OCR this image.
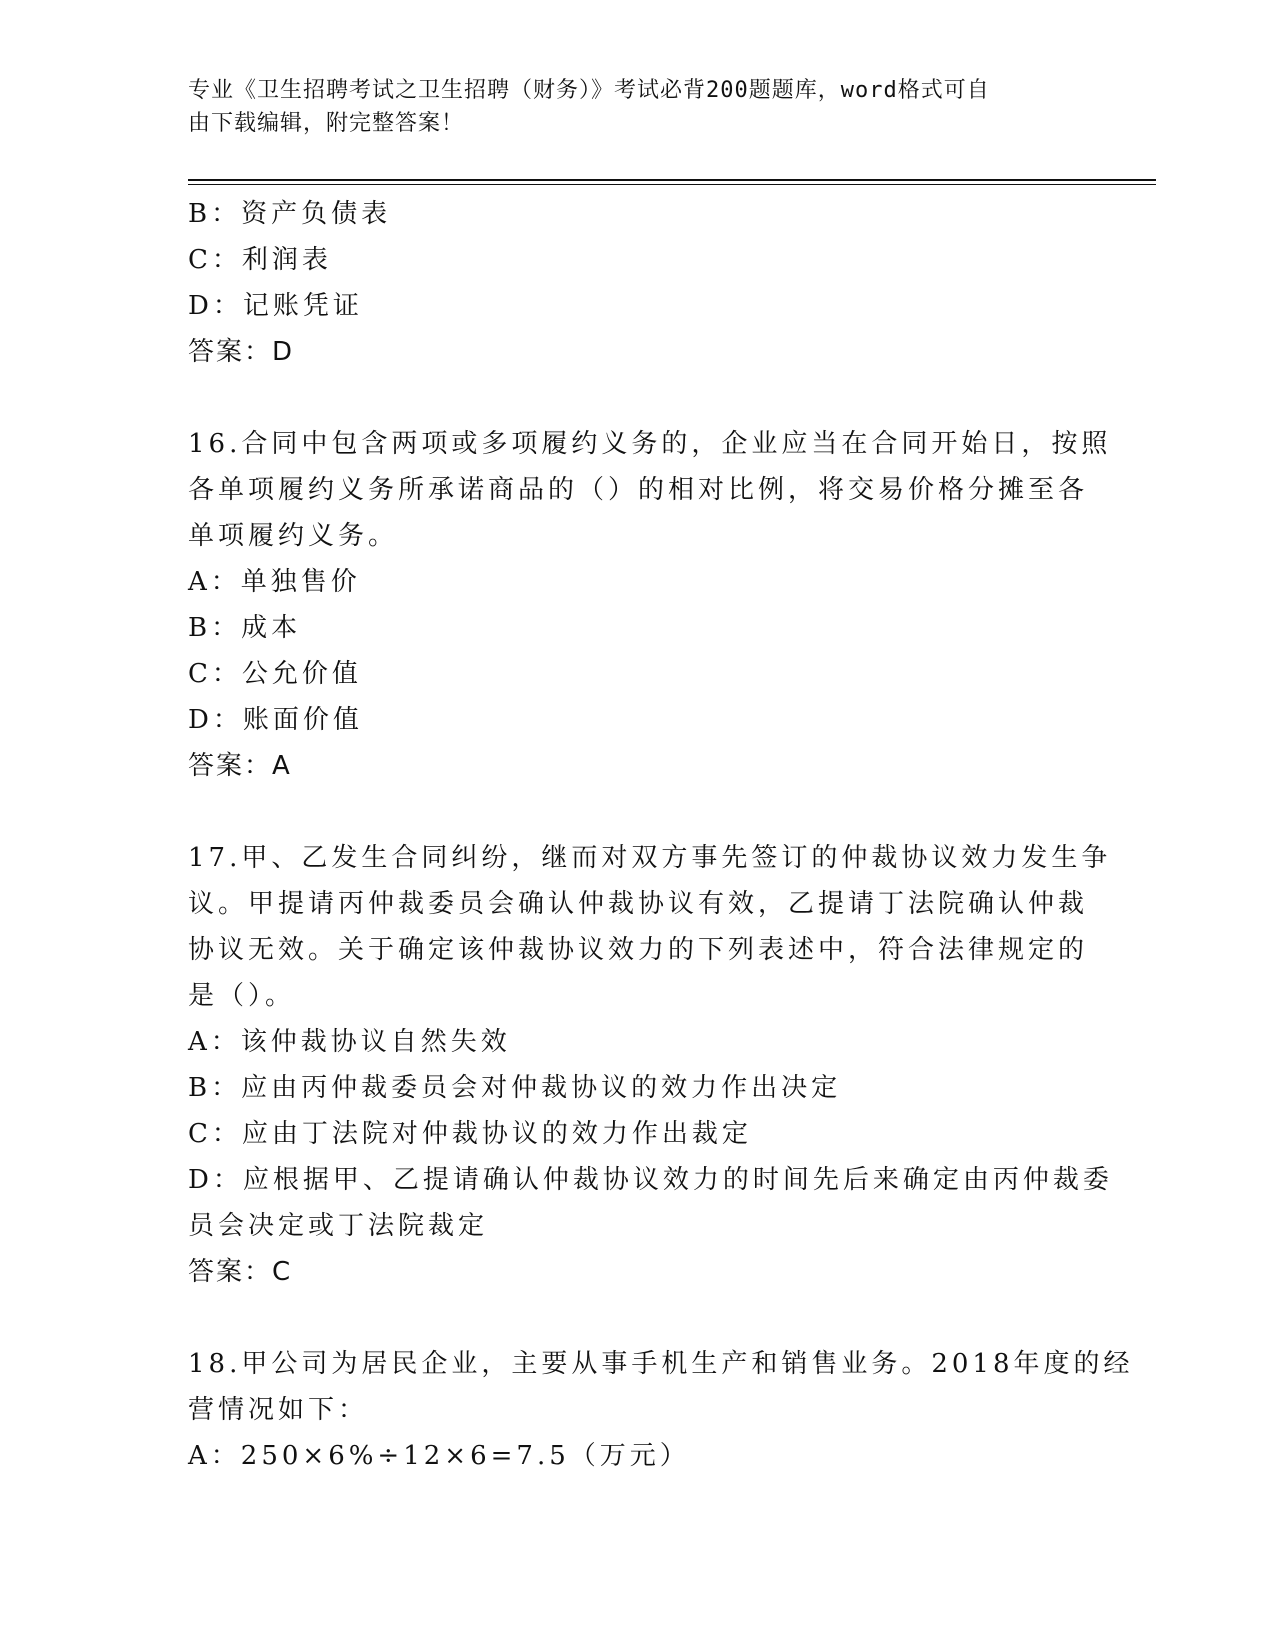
专业《卫生招聘考试之卫生招聘（财务）》考试必背200题题库，word格式可自
由下载编辑，附完整答案！
B：资产负债表
C：利润表
D：记账凭证
答案：D
16.合同中包含两项或多项履约义务的，企业应当在合同开始日，按照
各单项履约义务所承诺商品的（）的相对比例，将交易价格分摊至各
单项履约义务。
A：单独售价
B：成本
C：公允价值
D：账面价值
答案：A
17.甲、乙发生合同纠纷，继而对双方事先签订的仲裁协议效力发生争
议。甲提请丙仲裁委员会确认仲裁协议有效，乙提请丁法院确认仲裁
协议无效。关于确定该仲裁协议效力的下列表述中，符合法律规定的
是（）。
A：该仲裁协议自然失效
B：应由丙仲裁委员会对仲裁协议的效力作出决定
C：应由丁法院对仲裁协议的效力作出裁定
D：应根据甲、乙提请确认仲裁协议效力的时间先后来确定由丙仲裁委
员会决定或丁法院裁定
答案：C
18.甲公司为居民企业，主要从事手机生产和销售业务。2018年度的经
营情况如下：
A：250×6%÷12×6=7.5（万元）
